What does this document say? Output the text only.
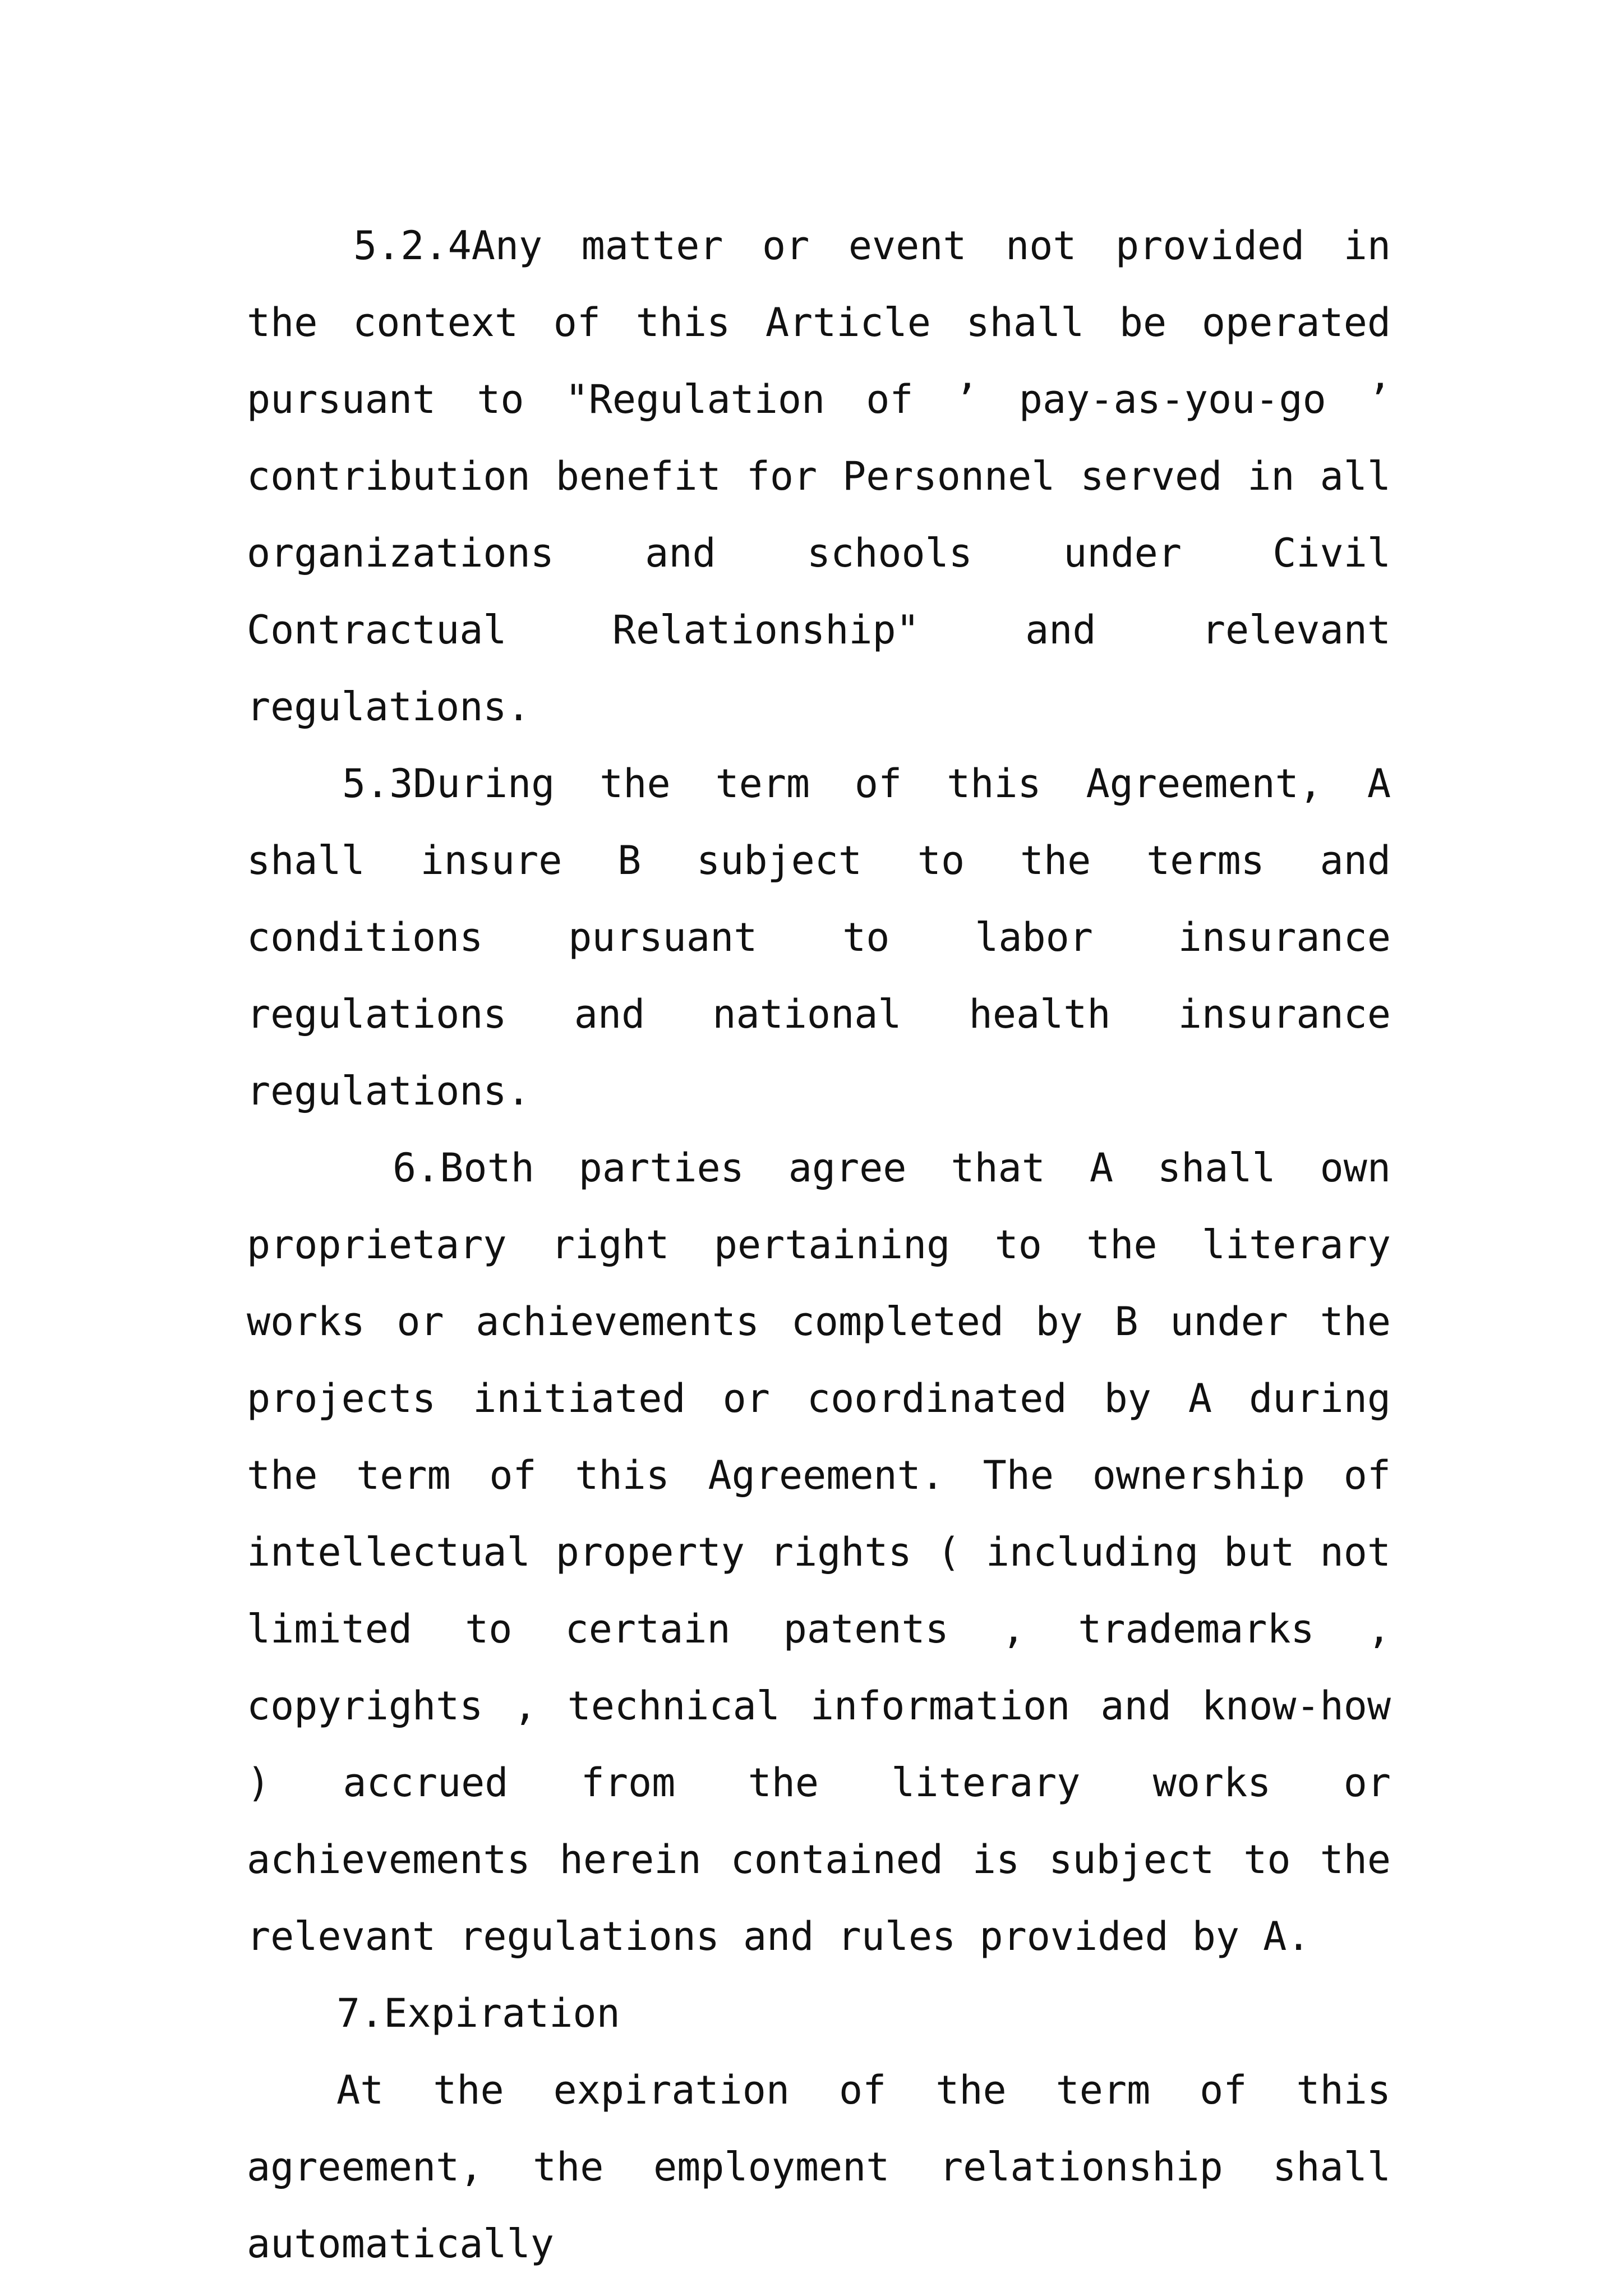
5.2.4Any matter or event not provided in the context of this Article shall be operated pursuant to "Regulation of ’ pay-as-you-go ’ contribution benefit for Personnel served in all organizations and schools under Civil Contractual Relationship" and relevant regulations.

5.3During the term of this Agreement, A shall insure B subject to the terms and conditions pursuant to labor insurance regulations and national health insurance regulations.

6.Both parties agree that A shall own proprietary right pertaining to the literary works or achievements completed by B under the projects initiated or coordinated by A during the term of this Agreement. The ownership of intellectual property rights ( including but not limited to certain patents , trademarks , copyrights , technical information and know-how ) accrued from the literary works or achievements herein contained is subject to the relevant regulations and rules provided by A.

7.Expiration

At the expiration of the term of this agreement, the employment relationship shall automatically
